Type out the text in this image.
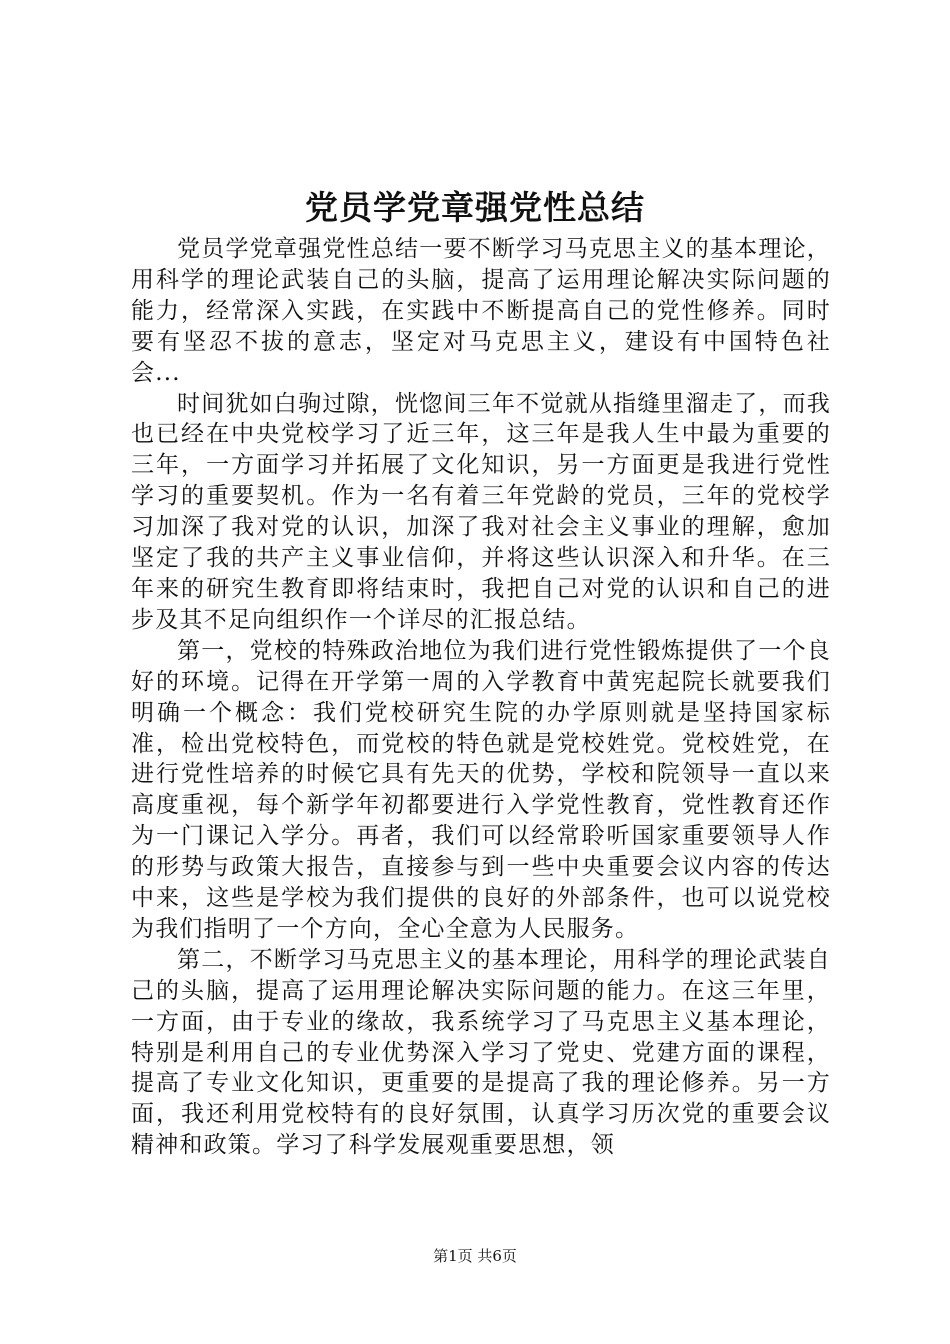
党员学党章强党性总结

党员学党章强党性总结一要不断学习马克思主义的基本理论，用科学的理论武装自己的头脑，提高了运用理论解决实际问题的能力，经常深入实践，在实践中不断提高自己的党性修养。同时要有坚忍不拔的意志，坚定对马克思主义，建设有中国特色社会...

时间犹如白驹过隙，恍惚间三年不觉就从指缝里溜走了，而我也已经在中央党校学习了近三年，这三年是我人生中最为重要的三年，一方面学习并拓展了文化知识，另一方面更是我进行党性学习的重要契机。作为一名有着三年党龄的党员，三年的党校学习加深了我对党的认识，加深了我对社会主义事业的理解，愈加坚定了我的共产主义事业信仰，并将这些认识深入和升华。在三年来的研究生教育即将结束时，我把自己对党的认识和自己的进步及其不足向组织作一个详尽的汇报总结。

第一，党校的特殊政治地位为我们进行党性锻炼提供了一个良好的环境。记得在开学第一周的入学教育中黄宪起院长就要我们明确一个概念：我们党校研究生院的办学原则就是坚持国家标准，检出党校特色，而党校的特色就是党校姓党。党校姓党，在进行党性培养的时候它具有先天的优势，学校和院领导一直以来高度重视，每个新学年初都要进行入学党性教育，党性教育还作为一门课记入学分。再者，我们可以经常聆听国家重要领导人作的形势与政策大报告，直接参与到一些中央重要会议内容的传达中来，这些是学校为我们提供的良好的外部条件，也可以说党校为我们指明了一个方向，全心全意为人民服务。

第二，不断学习马克思主义的基本理论，用科学的理论武装自己的头脑，提高了运用理论解决实际问题的能力。在这三年里，一方面，由于专业的缘故，我系统学习了马克思主义基本理论，特别是利用自己的专业优势深入学习了党史、党建方面的课程，提高了专业文化知识，更重要的是提高了我的理论修养。另一方面，我还利用党校特有的良好氛围，认真学习历次党的重要会议精神和政策。学习了科学发展观重要思想，领

第1页 共6页
